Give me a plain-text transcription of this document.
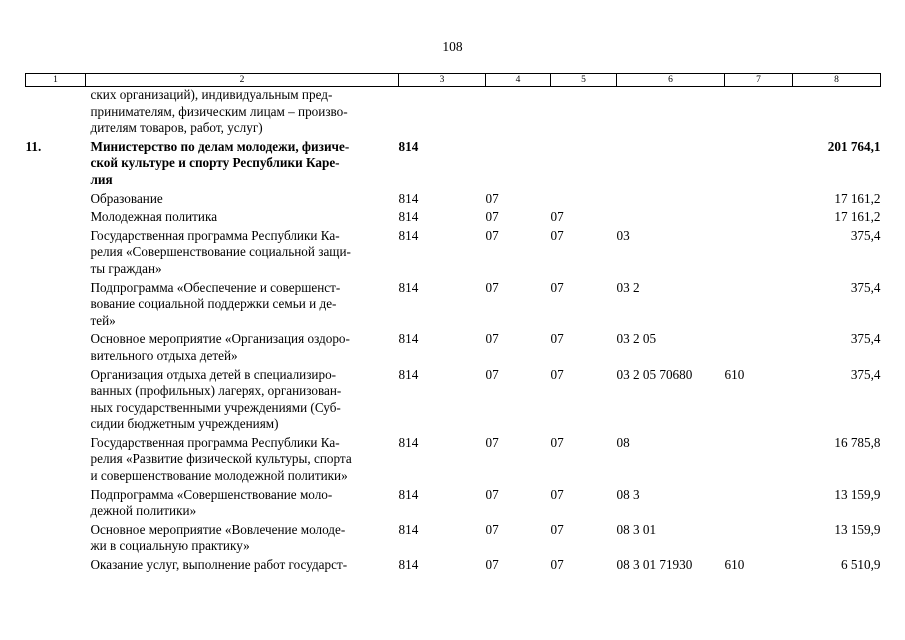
108
1	2	3	4	5	6	7	8
	ских организаций), индивидуальным пред-
принимателям, физическим лицам – произво-
дителям товаров, работ, услуг)						
11.	Министерство по делам молодежи, физиче-
ской культуре и спорту Республики Каре-
лия	814					201 764,1
	Образование	814	07				17 161,2
	Молодежная политика	814	07	07			17 161,2
	Государственная программа Республики Ка-
релия «Совершенствование социальной защи-
ты граждан»	814	07	07	03		375,4
	Подпрограмма «Обеспечение и совершенст-
вование социальной поддержки семьи и де-
тей»	814	07	07	03 2		375,4
	Основное мероприятие «Организация оздоро-
вительного отдыха детей»	814	07	07	03 2 05		375,4
	Организация отдыха детей в специализиро-
ванных (профильных) лагерях, организован-
ных государственными учреждениями (Суб-
сидии бюджетным учреждениям)	814	07	07	03 2 05 70680	610	375,4
	Государственная программа Республики Ка-
релия «Развитие физической культуры, спорта
и совершенствование молодежной политики»	814	07	07	08		16 785,8
	Подпрограмма «Совершенствование моло-
дежной политики»	814	07	07	08 3		13 159,9
	Основное мероприятие «Вовлечение молоде-
жи в социальную практику»	814	07	07	08 3 01		13 159,9
	Оказание услуг, выполнение работ государст-	814	07	07	08 3 01 71930	610	6 510,9
